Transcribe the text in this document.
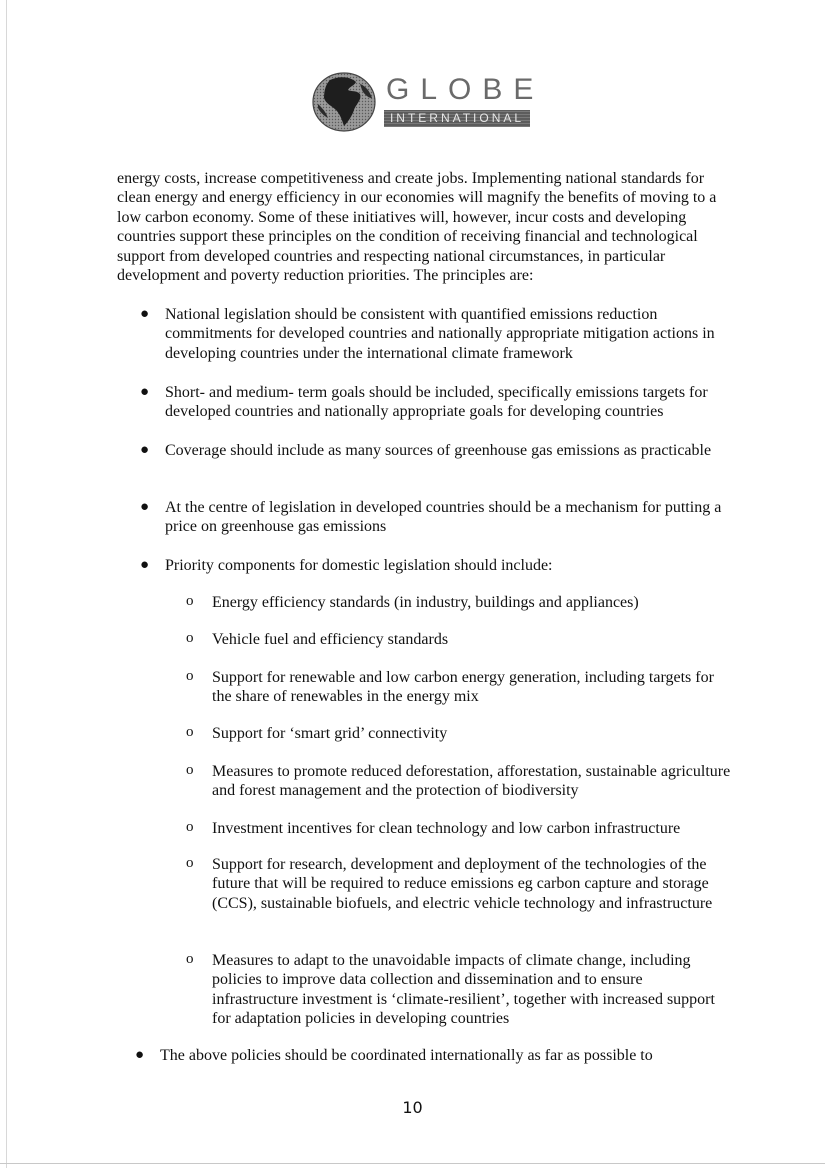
GLOBE
INTERNATIONAL
energy costs, increase competitiveness and create jobs. Implementing national standards for clean energy and energy efficiency in our economies will magnify the benefits of moving to a low carbon economy. Some of these initiatives will, however, incur costs and developing countries support these principles on the condition of receiving financial and technological support from developed countries and respecting national circumstances, in particular development and poverty reduction priorities. The principles are:
● National legislation should be consistent with quantified emissions reduction commitments for developed countries and nationally appropriate mitigation actions in developing countries under the international climate framework
● Short- and medium- term goals should be included, specifically emissions targets for developed countries and nationally appropriate goals for developing countries
● Coverage should include as many sources of greenhouse gas emissions as practicable
● At the centre of legislation in developed countries should be a mechanism for putting a price on greenhouse gas emissions
● Priority components for domestic legislation should include:
o Energy efficiency standards (in industry, buildings and appliances)
o Vehicle fuel and efficiency standards
o Support for renewable and low carbon energy generation, including targets for the share of renewables in the energy mix
o Support for ‘smart grid’ connectivity
o Measures to promote reduced deforestation, afforestation, sustainable agriculture and forest management and the protection of biodiversity
o Investment incentives for clean technology and low carbon infrastructure
o Support for research, development and deployment of the technologies of the future that will be required to reduce emissions eg carbon capture and storage (CCS), sustainable biofuels, and electric vehicle technology and infrastructure
o Measures to adapt to the unavoidable impacts of climate change, including policies to improve data collection and dissemination and to ensure infrastructure investment is ‘climate-resilient’, together with increased support for adaptation policies in developing countries
● The above policies should be coordinated internationally as far as possible to
10
